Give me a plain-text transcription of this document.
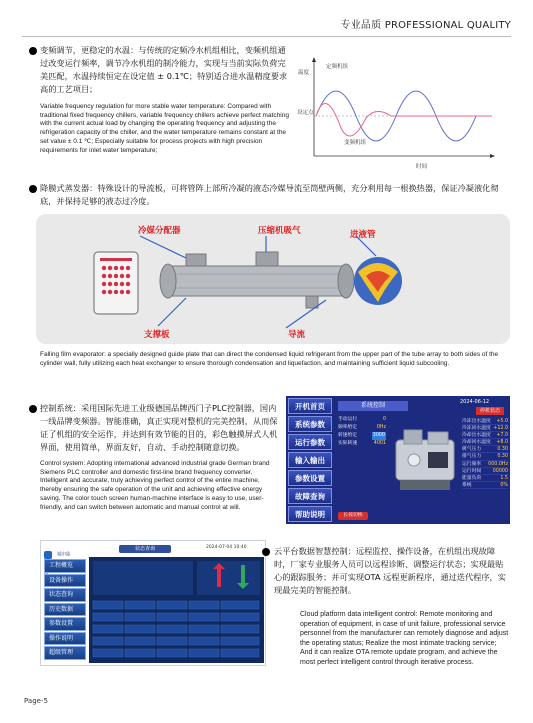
专业品质 PROFESSIONAL QUALITY
变频调节，更稳定的水温：与传统的定频冷水机组相比，变频机组通过改变运行频率，调节冷水机组的制冷能力，实现与当前实际负荷完美匹配，水温持续恒定在设定值 ± 0.1℃；特别适合进水温精度要求高的工艺项目；
Variable frequency regulation for more stable water temperature: Compared with traditional fixed frequency chillers, variable frequency chillers achieve perfect matching with the current actual load by changing the operating frequency and adjusting the refrigeration capacity of the chiller, and the water temperature remains constant at the set value ± 0.1 ℃; Especially suitable for process projects with high precision requirements for inlet water temperature;
温度
设定点
定频机组
变频机组
时间
降膜式蒸发器：特殊设计的导流板，可将管阵上部所冷凝的液态冷媒导流至筒壁两侧，充分利用每一根换热器，保证冷凝液化彻底，并保持足够的液态过冷度。
冷媒分配器	压缩机吸气	进液管
支撑板	导流
Falling film evaporator: a specially designed guide plate that can direct the condensed liquid refrigerant from the upper part of the tube array to both sides of the cylinder wall, fully utilizing each heat exchanger to ensure thorough condensation and liquefaction, and maintaining sufficient liquid subcooling.
控制系统：采用国际先进工业级德国品牌西门子PLC控制器，国内一线品牌变频器。智能准确，真正实现对整机的完美控制，从而保证了机组的安全运作，并达到有效节能的目的，彩色触摸屏式人机界面，使用简单，界面友好，自动、手动控制随意切换。
Control system: Adopting international advanced industrial grade German brand Siemens PLC controller and domestic first-line brand frequency converter. Intelligent and accurate, truly achieving perfect control of the entire machine, thereby ensuring the safe operation of the unit and achieving effective energy saving. The color touch screen human-machine interface is easy to use, user-friendly, and can switch between automatic and manual control at will.
开机首页
系统参数
运行参数
输入输出
参数设置
故障查询
帮助说明
系统控制	2024-06-12
停机状态
手动运行	0
频率给定	0Hz
转速给定	3000
实际转速	4001
冷冻出水温度 +5.0
冷冻回水温度 +12.0
冷却出水温度 +7.0
冷却回水温度 +8.0
吸气压力	0.30
排气压力	0.30
运行频率 000.0Hz
运行时间 00000
能量负荷	1.5
系统	0%
长按切换
城市能
状态查询	2024-07-04 10:40
工程概览
设备操作
状态查询
历史数据
参数设置
操作说明
超级管理
云平台数据智慧控制：远程监控、操作设备，在机组出现故障时，厂家专业服务人员可以远程诊断、调整运行状态；实现最贴心的跟踪服务；并可实现OTA 远程更新程序，通过迭代程序，实现最完美的智能控制。
Cloud platform data intelligent control: Remote monitoring and operation of equipment, in case of unit failure, professional service personnel from the manufacturer can remotely diagnose and adjust the operating status; Realize the most intimate tracking service; And it can realize OTA remote update program, and achieve the most perfect intelligent control through iterative process.
Page-5
